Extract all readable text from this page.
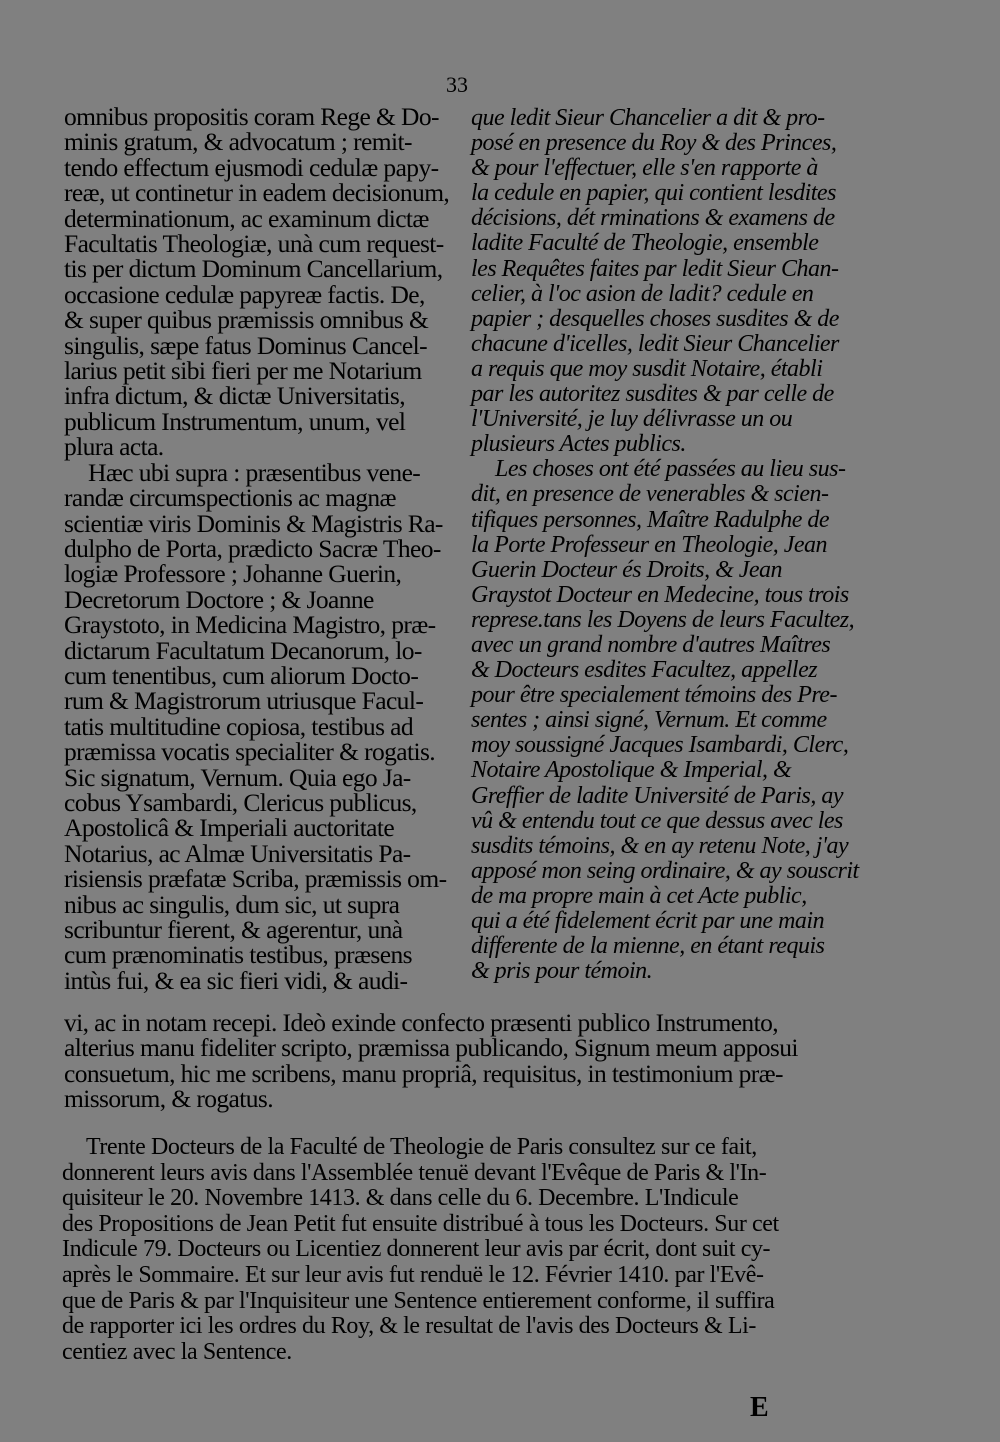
33
omnibus propositis coram Rege & Do-
minis gratum, & advocatum ; remit-
tendo effectum ejusmodi cedulæ papy-
reæ, ut continetur in eadem decisionum,
determinationum, ac examinum dictæ
Facultatis Theologiæ, unà cum request-
tis per dictum Dominum Cancellarium,
occasione cedulæ papyreæ factis. De,
& super quibus præmissis omnibus &
singulis, sæpe fatus Dominus Cancel-
larius petit sibi fieri per me Notarium
infra dictum, & dictæ Universitatis,
publicum Instrumentum, unum, vel
plura acta.
Hæc ubi supra : præsentibus vene-
randæ circumspectionis ac magnæ
scientiæ viris Dominis & Magistris Ra-
dulpho de Porta, prædicto Sacræ Theo-
logiæ Professore ; Johanne Guerin,
Decretorum Doctore ; & Joanne
Graystoto, in Medicina Magistro, præ-
dictarum Facultatum Decanorum, lo-
cum tenentibus, cum aliorum Docto-
rum & Magistrorum utriusque Facul-
tatis multitudine copiosa, testibus ad
præmissa vocatis specialiter & rogatis.
Sic signatum, Vernum. Quia ego Ja-
cobus Ysambardi, Clericus publicus,
Apostolicâ & Imperiali auctoritate
Notarius, ac Almæ Universitatis Pa-
risiensis præfatæ Scriba, præmissis om-
nibus ac singulis, dum sic, ut supra
scribuntur fierent, & agerentur, unà
cum prænominatis testibus, præsens
intùs fui, & ea sic fieri vidi, & audi-
que ledit Sieur Chancelier a dit & pro-
posé en presence du Roy & des Princes,
& pour l'effectuer, elle s'en rapporte à
la cedule en papier, qui contient lesdites
décisions, dét rminations & examens de
ladite Faculté de Theologie, ensemble
les Requêtes faites par ledit Sieur Chan-
celier, à l'oc asion de ladit? cedule en
papier ; desquelles choses susdites & de
chacune d'icelles, ledit Sieur Chancelier
a requis que moy susdit Notaire, établi
par les autoritez susdites & par celle de
l'Université, je luy délivrasse un ou
plusieurs Actes publics.
Les choses ont été passées au lieu sus-
dit, en presence de venerables & scien-
tifiques personnes, Maître Radulphe de
la Porte Professeur en Theologie, Jean
Guerin Docteur és Droits, & Jean
Graystot Docteur en Medecine, tous trois
represe.tans les Doyens de leurs Facultez,
avec un grand nombre d'autres Maîtres
& Docteurs esdites Facultez, appellez
pour être specialement témoins des Pre-
sentes ; ainsi signé, Vernum. Et comme
moy soussigné Jacques Isambardi, Clerc,
Notaire Apostolique & Imperial, &
Greffier de ladite Université de Paris, ay
vû & entendu tout ce que dessus avec les
susdits témoins, & en ay retenu Note, j'ay
apposé mon seing ordinaire, & ay souscrit
de ma propre main à cet Acte public,
qui a été fidelement écrit par une main
differente de la mienne, en étant requis
& pris pour témoin.
vi, ac in notam recepi. Ideò exinde confecto præsenti publico Instrumento,
alterius manu fideliter scripto, præmissa publicando, Signum meum apposui
consuetum, hic me scribens, manu propriâ, requisitus, in testimonium præ-
missorum, & rogatus.
Trente Docteurs de la Faculté de Theologie de Paris consultez sur ce fait,
donnerent leurs avis dans l'Assemblée tenuë devant l'Evêque de Paris & l'In-
quisiteur le 20. Novembre 1413. & dans celle du 6. Decembre. L'Indicule
des Propositions de Jean Petit fut ensuite distribué à tous les Docteurs. Sur cet
Indicule 79. Docteurs ou Licentiez donnerent leur avis par écrit, dont suit cy-
après le Sommaire. Et sur leur avis fut renduë le 12. Février 1410. par l'Evê-
que de Paris & par l'Inquisiteur une Sentence entierement conforme, il suffira
de rapporter ici les ordres du Roy, & le resultat de l'avis des Docteurs & Li-
centiez avec la Sentence.
E
